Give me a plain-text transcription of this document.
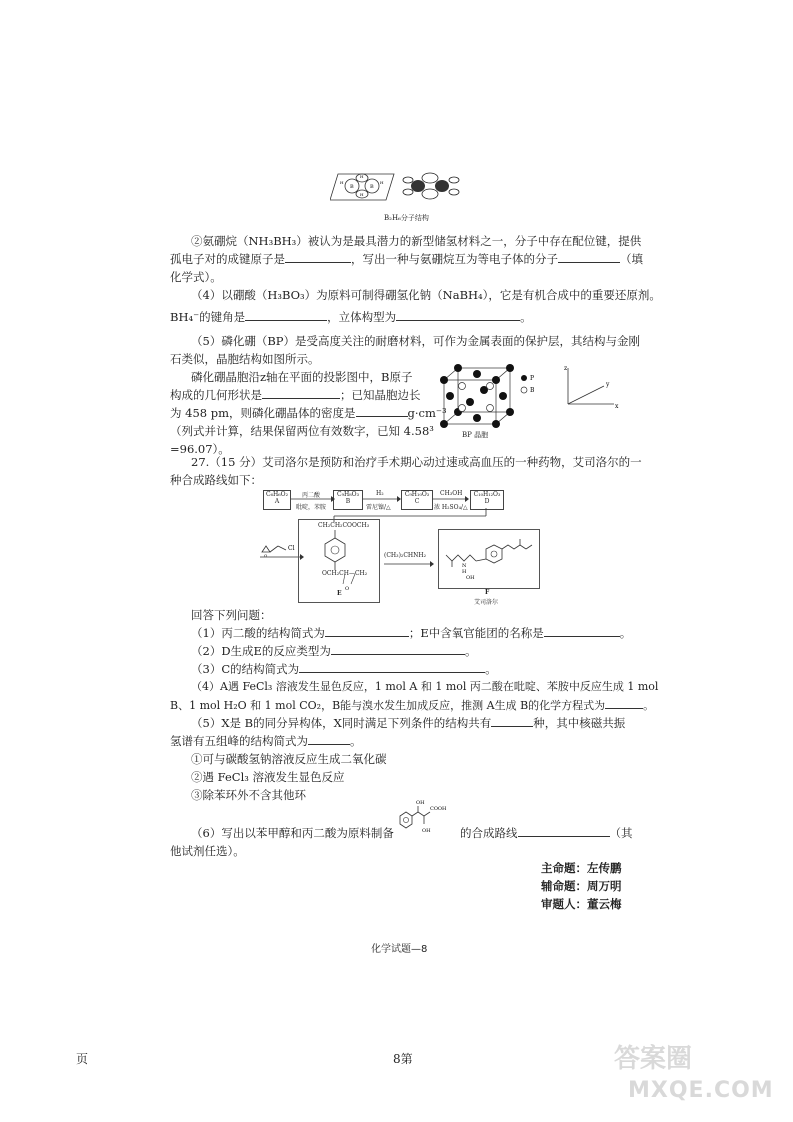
B	B
H	H
H
H
B₂H₆分子结构
②氨硼烷（NH₃BH₃）被认为是最具潜力的新型储氢材料之一，分子中存在配位键，提供
孤电子对的成键原子是	，写出一种与氨硼烷互为等电子体的分子	（填
化学式）。
（4）以硼酸（H₃BO₃）为原料可制得硼氢化钠（NaBH₄），它是有机合成中的重要还原剂。
BH₄⁻的键角是	，立体构型为	。
（5）磷化硼（BP）是受高度关注的耐磨材料，可作为金属表面的保护层，其结构与金刚
石类似，晶胞结构如图所示。
磷化硼晶胞沿z轴在平面的投影图中，B原子
构成的几何形状是	；已知晶胞边长
为 458 pm，则磷化硼晶体的密度是	g·cm⁻³
（列式并计算，结果保留两位有效数字，已知 4.58³
=96.07）。
P
B
BP 晶胞
z
y
x
27.（15 分）艾司洛尔是预防和治疗手术期心动过速或高血压的一种药物，艾司洛尔的一
种合成路线如下：
C₆H₆O₂
A
丙二酸
吡啶，苯胺
C₉H₈O₃
B
H₂
雷尼镍/△
C₉H₁₀O₃
C
CH₃OH
浓 H₂SO₄/△
C₁₀H₁₂O₃
D
O
Cl
CH₂CH₂COOCH₃
O
OCH₂CH—CH₂
E
(CH₃)₂CHNH₂
N
H
OH
F
艾司洛尔
回答下列问题：
（1）丙二酸的结构简式为	；E中含氧官能团的名称是	。
（2）D生成E的反应类型为	。
（3）C的结构简式为	。
（4）A遇 FeCl₃ 溶液发生显色反应，1 mol A 和 1 mol 丙二酸在吡啶、苯胺中反应生成 1 mol
B、1 mol H₂O 和 1 mol CO₂，B能与溴水发生加成反应，推测 A生成 B的化学方程式为	。
（5）X是 B的同分异构体，X同时满足下列条件的结构共有	种，其中核磁共振
氢谱有五组峰的结构简式为	。
①可与碳酸氢钠溶液反应生成二氧化碳
②遇 FeCl₃ 溶液发生显色反应
③除苯环外不含其他环
（6）写出以苯甲醇和丙二酸为原料制备
OH
COOH
OH	的合成路线	（其
他试剂任选）。
主命题：左传鹏
辅命题：周万明
审题人：董云梅
化学试题—8
页	8第	答案圈
MXQE.COM
